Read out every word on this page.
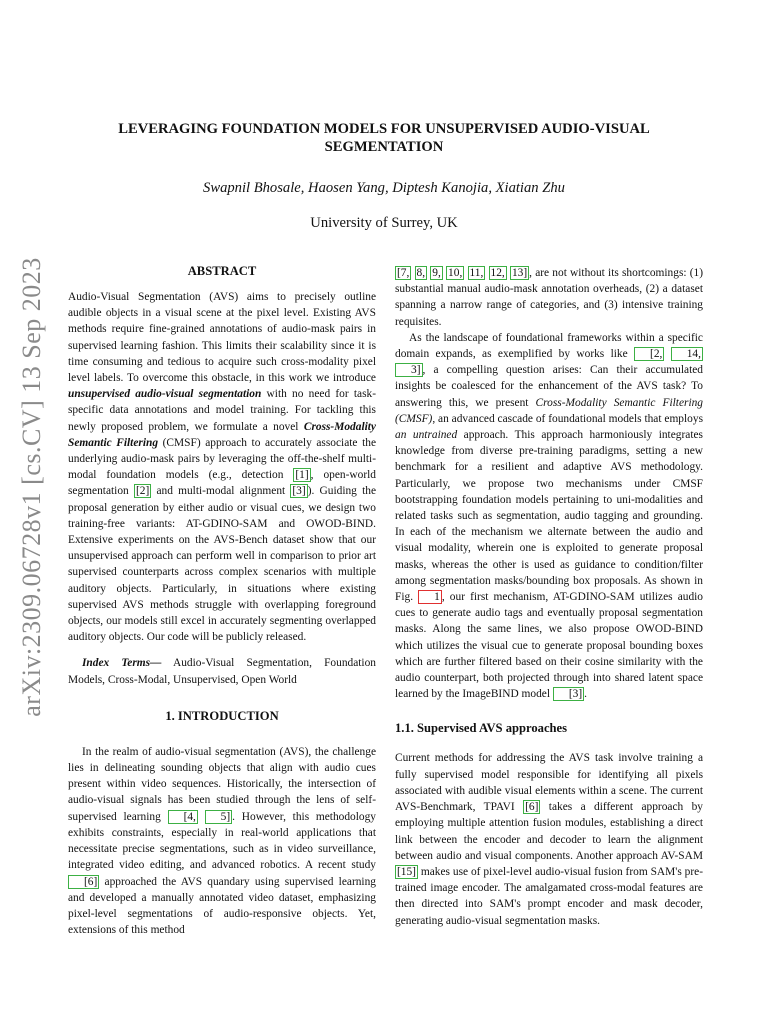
arXiv:2309.06728v1 [cs.CV] 13 Sep 2023
LEVERAGING FOUNDATION MODELS FOR UNSUPERVISED AUDIO-VISUAL SEGMENTATION
Swapnil Bhosale, Haosen Yang, Diptesh Kanojia, Xiatian Zhu
University of Surrey, UK
ABSTRACT

Audio-Visual Segmentation (AVS) aims to precisely outline audible objects in a visual scene at the pixel level. Existing AVS methods require fine-grained annotations of audio-mask pairs in supervised learning fashion. This limits their scalability since it is time consuming and tedious to acquire such cross-modality pixel level labels. To overcome this obstacle, in this work we introduce unsupervised audio-visual segmentation with no need for task-specific data annotations and model training. For tackling this newly proposed problem, we formulate a novel Cross-Modality Semantic Filtering (CMSF) approach to accurately associate the underlying audio-mask pairs by leveraging the off-the-shelf multi-modal foundation models (e.g., detection [1] , open-world segmentation [2] and multi-modal alignment [3] ). Guiding the proposal generation by either audio or visual cues, we design two training-free variants: AT-GDINO-SAM and OWOD-BIND. Extensive experiments on the AVS-Bench dataset show that our unsupervised approach can perform well in comparison to prior art supervised counterparts across complex scenarios with multiple auditory objects. Particularly, in situations where existing supervised AVS methods struggle with overlapping foreground objects, our models still excel in accurately segmenting overlapped auditory objects. Our code will be publicly released.

Index Terms— Audio-Visual Segmentation, Foundation Models, Cross-Modal, Unsupervised, Open World

1. INTRODUCTION

In the realm of audio-visual segmentation (AVS), the challenge lies in delineating sounding objects that align with audio cues present within video sequences. Historically, the intersection of audio-visual signals has been studied through the lens of self-supervised learning [4, 5] . However, this methodology exhibits constraints, especially in real-world applications that necessitate precise segmentations, such as in video surveillance, integrated video editing, and advanced robotics. A recent study [6] approached the AVS quandary using supervised learning and developed a manually annotated video dataset, emphasizing pixel-level segmentations of audio-responsive objects. Yet, extensions of this method

[7, 8, 9, 10, 11, 12, 13] , are not without its shortcomings: (1) substantial manual audio-mask annotation overheads, (2) a dataset spanning a narrow range of categories, and (3) intensive training requisites.

As the landscape of foundational frameworks within a specific domain expands, as exemplified by works like [2, 14, 3] , a compelling question arises: Can their accumulated insights be coalesced for the enhancement of the AVS task? To answering this, we present Cross-Modality Semantic Filtering (CMSF), an advanced cascade of foundational models that employs an untrained approach. This approach harmoniously integrates knowledge from diverse pre-training paradigms, setting a new benchmark for a resilient and adaptive AVS methodology. Particularly, we propose two mechanisms under CMSF bootstrapping foundation models pertaining to uni-modalities and related tasks such as segmentation, audio tagging and grounding. In each of the mechanism we alternate between the audio and visual modality, wherein one is exploited to generate proposal masks, whereas the other is used as guidance to condition/filter among segmentation masks/bounding box proposals. As shown in Fig. 1 , our first mechanism, AT-GDINO-SAM utilizes audio cues to generate audio tags and eventually proposal segmentation masks. Along the same lines, we also propose OWOD-BIND which utilizes the visual cue to generate proposal bounding boxes which are further filtered based on their cosine similarity with the audio counterpart, both projected through into shared latent space learned by the ImageBIND model [3] .

1.1. Supervised AVS approaches

Current methods for addressing the AVS task involve training a fully supervised model responsible for identifying all pixels associated with audible visual elements within a scene. The current AVS-Benchmark, TPAVI [6] takes a different approach by employing multiple attention fusion modules, establishing a direct link between the encoder and decoder to learn the alignment between audio and visual components. Another approach AV-SAM [15] makes use of pixel-level audio-visual fusion from SAM's pre-trained image encoder. The amalgamated cross-modal features are then directed into SAM's prompt encoder and mask decoder, generating audio-visual segmentation masks.
